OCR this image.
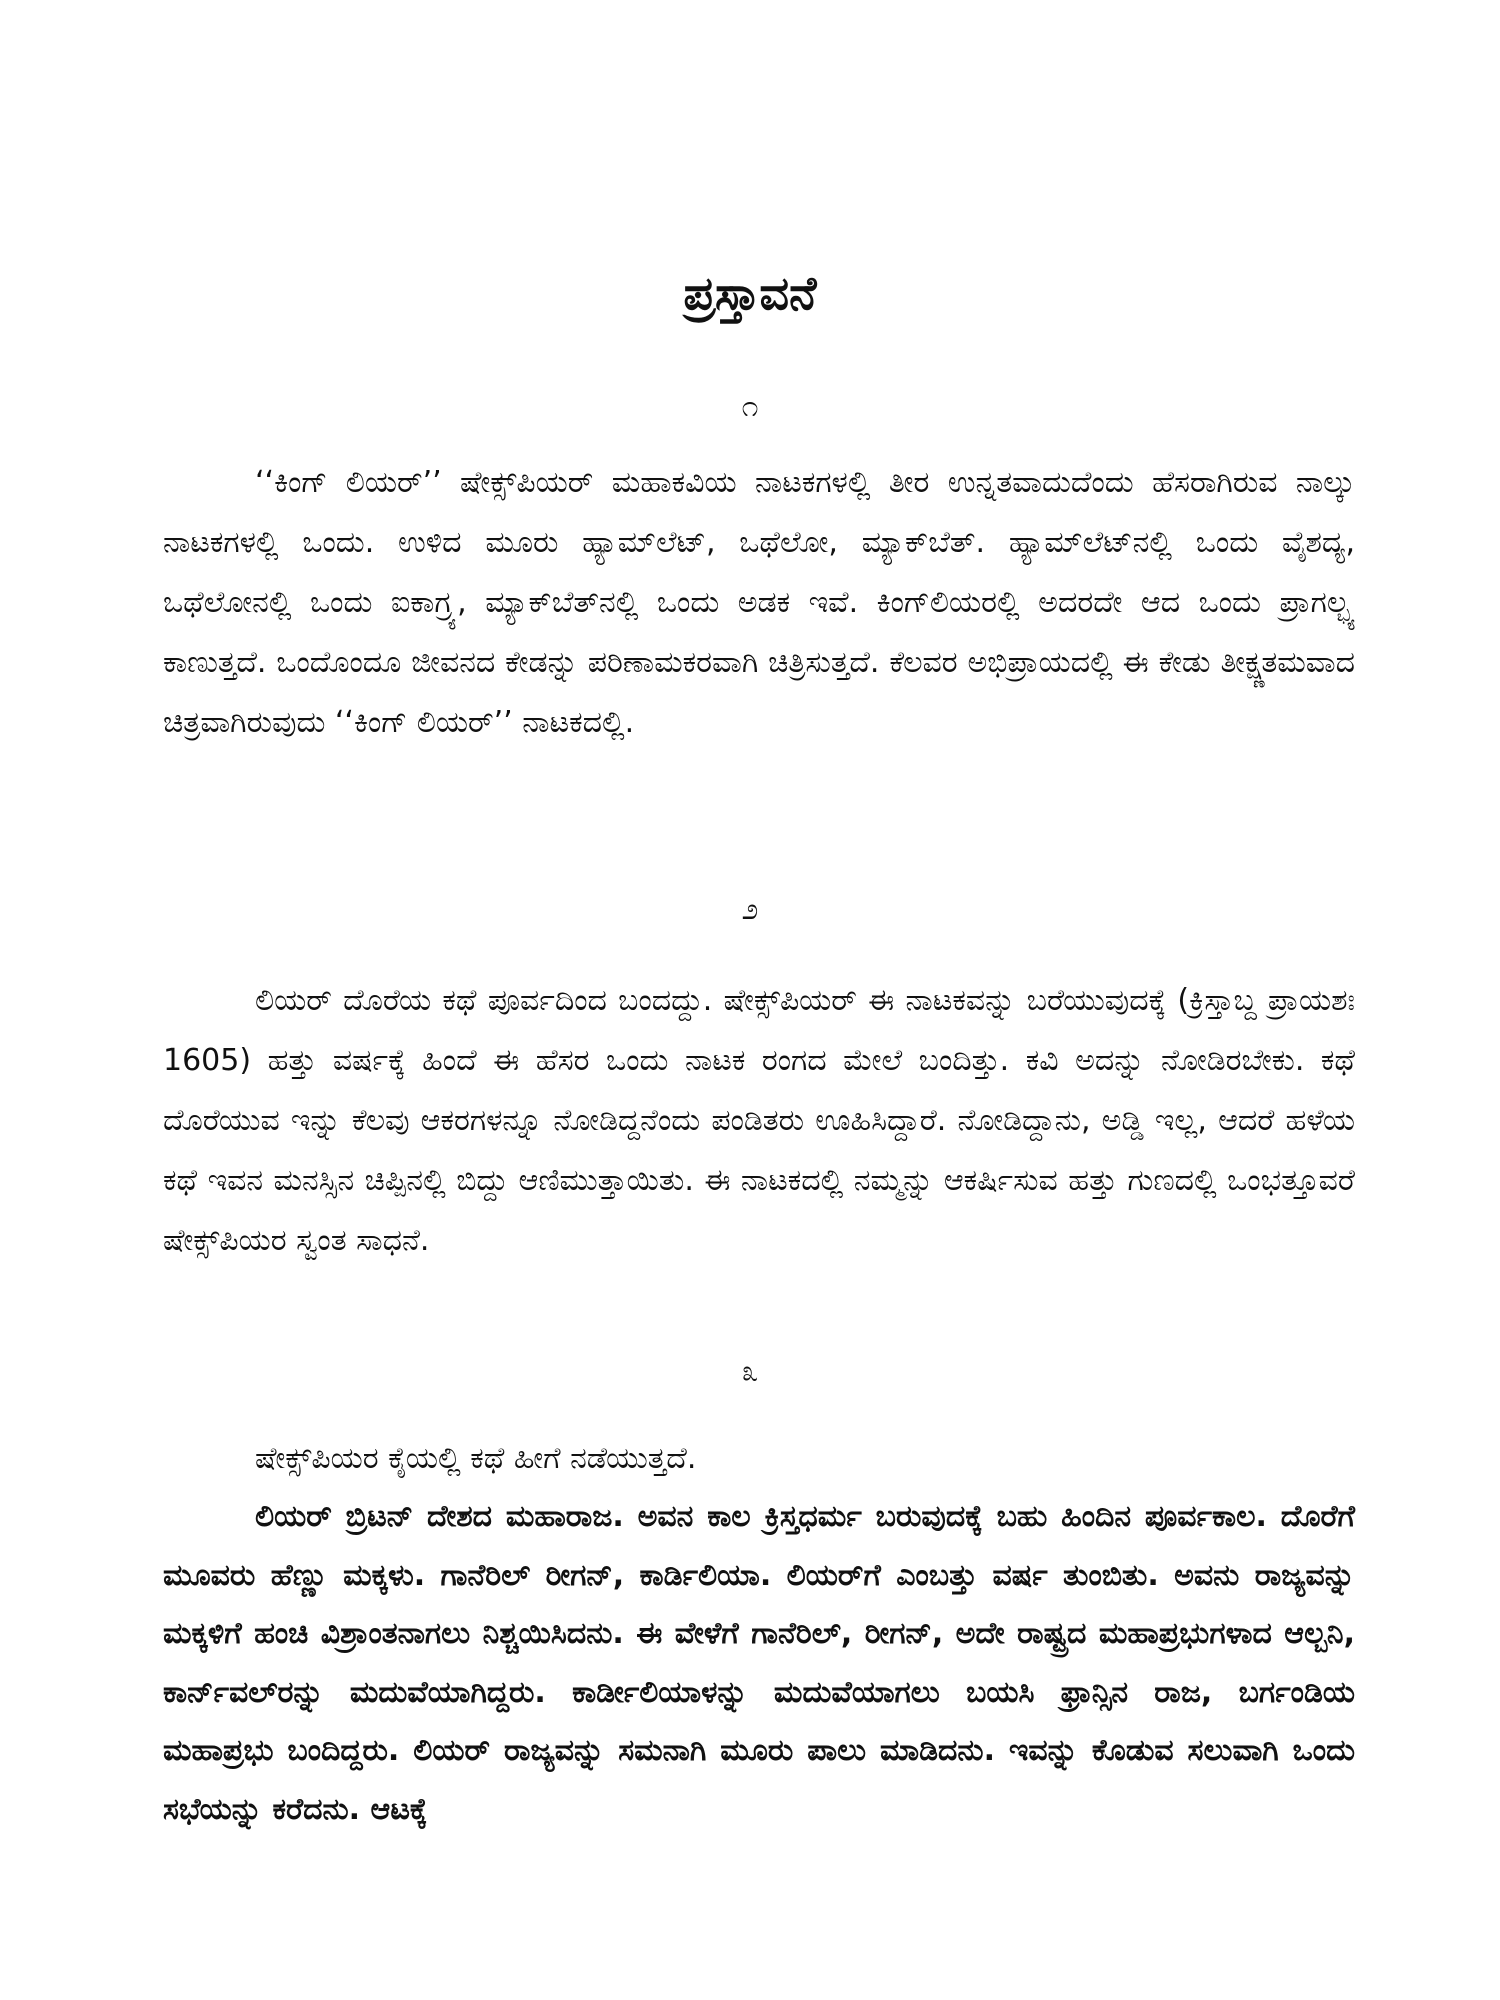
ಪ್ರಸ್ತಾವನೆ
೧

‘‘ಕಿಂಗ್ ಲಿಯರ್’’ ಷೇಕ್ಸ್‌ಪಿಯರ್ ಮಹಾಕವಿಯ ನಾಟಕಗಳಲ್ಲಿ ತೀರ ಉನ್ನತವಾದುದೆಂದು ಹೆಸರಾಗಿರುವ ನಾಲ್ಕು ನಾಟಕಗಳಲ್ಲಿ ಒಂದು. ಉಳಿದ ಮೂರು ಹ್ಯಾಮ್‌ಲೆಟ್, ಒಥೆಲೋ, ಮ್ಯಾಕ್‌ಬೆತ್. ಹ್ಯಾಮ್‌ಲೆಟ್‌ನಲ್ಲಿ ಒಂದು ವೈಶದ್ಯ, ಒಥೆಲೋನಲ್ಲಿ ಒಂದು ಐಕಾಗ್ರ್ಯ, ಮ್ಯಾಕ್‌ಬೆತ್‌ನಲ್ಲಿ ಒಂದು ಅಡಕ ಇವೆ. ಕಿಂಗ್‌ಲಿಯರಲ್ಲಿ ಅದರದೇ ಆದ ಒಂದು ಪ್ರಾಗಲ್ಭ್ಯ ಕಾಣುತ್ತದೆ. ಒಂದೊಂದೂ ಜೀವನದ ಕೇಡನ್ನು ಪರಿಣಾಮಕರವಾಗಿ ಚಿತ್ರಿಸುತ್ತದೆ. ಕೆಲವರ ಅಭಿಪ್ರಾಯದಲ್ಲಿ ಈ ಕೇಡು ತೀಕ್ಷ್ಣತಮವಾದ ಚಿತ್ರವಾಗಿರುವುದು ‘‘ಕಿಂಗ್ ಲಿಯರ್’’ ನಾಟಕದಲ್ಲಿ.

೨

ಲಿಯರ್ ದೊರೆಯ ಕಥೆ ಪೂರ್ವದಿಂದ ಬಂದದ್ದು. ಷೇಕ್ಸ್‌ಪಿಯರ್ ಈ ನಾಟಕವನ್ನು ಬರೆಯುವುದಕ್ಕೆ (ಕ್ರಿಸ್ತಾಬ್ದ ಪ್ರಾಯಶಃ 1605) ಹತ್ತು ವರ್ಷಕ್ಕೆ ಹಿಂದೆ ಈ ಹೆಸರ ಒಂದು ನಾಟಕ ರಂಗದ ಮೇಲೆ ಬಂದಿತ್ತು. ಕವಿ ಅದನ್ನು ನೋಡಿರಬೇಕು. ಕಥೆ ದೊರೆಯುವ ಇನ್ನು ಕೆಲವು ಆಕರಗಳನ್ನೂ ನೋಡಿದ್ದನೆಂದು ಪಂಡಿತರು ಊಹಿಸಿದ್ದಾರೆ. ನೋಡಿದ್ದಾನು, ಅಡ್ಡಿ ಇಲ್ಲ, ಆದರೆ ಹಳೆಯ ಕಥೆ ಇವನ ಮನಸ್ಸಿನ ಚಿಪ್ಪಿನಲ್ಲಿ ಬಿದ್ದು ಆಣಿಮುತ್ತಾಯಿತು. ಈ ನಾಟಕದಲ್ಲಿ ನಮ್ಮನ್ನು ಆಕರ್ಷಿಸುವ ಹತ್ತು ಗುಣದಲ್ಲಿ ಒಂಭತ್ತೂವರೆ ಷೇಕ್ಸ್‌ಪಿಯರ ಸ್ವಂತ ಸಾಧನೆ.

೩

ಷೇಕ್ಸ್‌ಪಿಯರ ಕೈಯಲ್ಲಿ ಕಥೆ ಹೀಗೆ ನಡೆಯುತ್ತದೆ.

ಲಿಯರ್ ಬ್ರಿಟನ್ ದೇಶದ ಮಹಾರಾಜ. ಅವನ ಕಾಲ ಕ್ರಿಸ್ತಧರ್ಮ ಬರುವುದಕ್ಕೆ ಬಹು ಹಿಂದಿನ ಪೂರ್ವಕಾಲ. ದೊರೆಗೆ ಮೂವರು ಹೆಣ್ಣು ಮಕ್ಕಳು. ಗಾನೆರಿಲ್ ರೀಗನ್, ಕಾರ್ಡಿಲಿಯಾ. ಲಿಯರ್‌ಗೆ ಎಂಬತ್ತು ವರ್ಷ ತುಂಬಿತು. ಅವನು ರಾಜ್ಯವನ್ನು ಮಕ್ಕಳಿಗೆ ಹಂಚಿ ವಿಶ್ರಾಂತನಾಗಲು ನಿಶ್ಚಯಿಸಿದನು. ಈ ವೇಳೆಗೆ ಗಾನೆರಿಲ್, ರೀಗನ್, ಅದೇ ರಾಷ್ಟ್ರದ ಮಹಾಪ್ರಭುಗಳಾದ ಆಲ್ಬನಿ, ಕಾರ್ನ್‌ವಲ್‌ರನ್ನು ಮದುವೆಯಾಗಿದ್ದರು. ಕಾರ್ಡೀಲಿಯಾಳನ್ನು ಮದುವೆಯಾಗಲು ಬಯಸಿ ಫ್ರಾನ್ಸಿನ ರಾಜ, ಬರ್ಗಂಡಿಯ ಮಹಾಪ್ರಭು ಬಂದಿದ್ದರು. ಲಿಯರ್ ರಾಜ್ಯವನ್ನು ಸಮನಾಗಿ ಮೂರು ಪಾಲು ಮಾಡಿದನು. ಇವನ್ನು ಕೊಡುವ ಸಲುವಾಗಿ ಒಂದು ಸಭೆಯನ್ನು ಕರೆದನು. ಆಟಕ್ಕೆ
